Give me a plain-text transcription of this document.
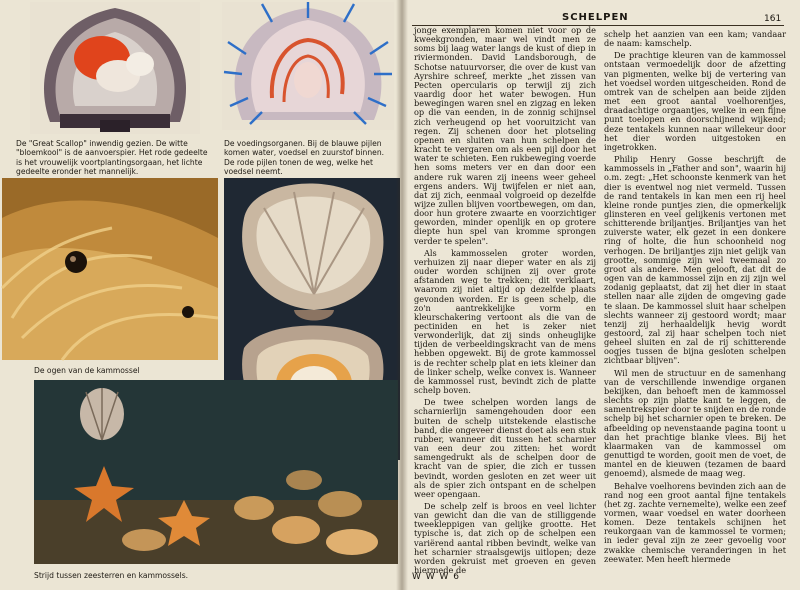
De "Great Scallop" inwendig gezien. De witte "bloemkool" is de aanvoerspier. Het rode gedeelte is het vrouwelijk voortplantingsorgaan, het lichte gedeelte eronder het mannelijk.
De voedingsorganen. Bij de blauwe pijlen komen water, voedsel en zuurstof binnen. De rode pijlen tonen de weg, welke het voedsel neemt.
De ogen van de kammossel
Strijd tussen zeesterren en kammossels.
SCHELPEN	161

jonge exemplaren komen niet voor op de kweekgronden, maar wel vindt men ze soms bij laag water langs de kust of diep in riviermonden. David Landsborough, de Schotse natuurvorser, die over de kust van Ayrshire schreef, merkte „het zissen van Pecten opercularis op terwijl zij zich vaardig door het water bewogen. Hun bewegingen waren snel en zigzag en leken op die van eenden, in de zonnig schijnsel zich verheugend op het vooruitzicht van regen. Zij schenen door het plotseling openen en sluiten van hun schelpen de kracht te vergaren om als een pijl door het water te schieten. Een rukbeweging voerde hen soms meters ver en dan door een andere ruk waren zij ineens weer geheel ergens anders. Wij twijfelen er niet aan, dat zij zich, eenmaal volgroeid op dezelfde wijze zullen blijven voortbewegen, om dan, door hun grotere zwaarte en voorzichtiger geworden, minder openlijk en op grotere diepte hun spel van kromme sprongen verder te spelen".

Als kammosselen groter worden, verhuizen zij naar dieper water en als zij ouder worden schijnen zij over grote afstanden weg te trekken; dit verklaart, waarom zij niet altijd op dezelfde plaats gevonden worden. Er is geen schelp, die zo'n aantrekkelijke vorm en kleurschakering vertoont als die van de pectiniden en het is zeker niet verwonderlijk, dat zij sinds onheuglijke tijden de verbeeldingskracht van de mens hebben opgewekt. Bij de grote kammossel is de rechter schelp plat en iets kleiner dan de linker schelp, welke convex is. Wanneer de kammossel rust, bevindt zich de platte schelp boven.

De twee schelpen worden langs de scharnierlijn samengehouden door een buiten de schelp uitstekende elastische band, die ongeveer dienst doet als een stuk rubber, wanneer dit tussen het scharnier van een deur zou zitten: het wordt samengedrukt als de schelpen door de kracht van de spier, die zich er tussen bevindt, worden gesloten en zet weer uit als de spier zich ontspant en de schelpen weer opengaan.

De schelp zelf is broos en veel lichter van gewicht dan die van de stilliggende tweekleppigen van gelijke grootte. Het typische is, dat zich op de schelpen een variërend aantal ribben bevindt, welke van het scharnier straalsgewijs uitlopen; deze worden gekruist met groeven en geven hiermede de

schelp het aanzien van een kam; vandaar de naam: kamschelp.

De prachtige kleuren van de kammossel ontstaan vermoedelijk door de afzetting van pigmenten, welke bij de vertering van het voedsel worden uitgescheiden. Rond de omtrek van de schelpen aan beide zijden met een groot aantal voelhorentjes, draadachtige orgaantjes, welke in een fijne punt toelopen en doorschijnend wijkend; deze tentakels kunnen naar willekeur door het dier worden uitgestoken en ingetrokken.

Philip Henry Gosse beschrijft de kammossels in „Father and son", waarin hij o.m. zegt: „Het schoonste kenmerk van het dier is eventwel nog niet vermeld. Tussen de rand tentakels in kan men een rij heel kleine ronde puntjes zien, die opmerkelijk glinsteren en veel gelijkenis vertonen met schitterende briljantjes. Briljantjes van het zuiverste water, elk gezet in een donkere ring of holte, die hun schoonheid nog verhogen. De briljantjes zijn niet gelijk van grootte, sommige zijn wel tweemaal zo groot als andere. Men gelooft, dat dit de ogen van de kammossel zijn en zij zijn wel zodanig geplaatst, dat zij het dier in staat stellen naar alle zijden de omgeving gade te slaan. De kammossel sluit haar schelpen slechts wanneer zij gestoord wordt; maar tenzij zij herhaaldelijk hevig wordt gestoord, zal zij haar schelpen toch niet geheel sluiten en zal de rij schitterende oogjes tussen de bijna gesloten schelpen zichtbaar blijven".

Wil men de structuur en de samenhang van de verschillende inwendige organen bekijken, dan behoeft men de kammossel slechts op zijn platte kant te leggen, de samentrekspier door te snijden en de ronde schelp bij het scharnier open te breken. De afbeelding op nevenstaande pagina toont u dan het prachtige blanke vlees. Bij het klaarmaken van de kammossel om genuttigd te worden, gooit men de voet, de mantel en de kieuwen (tezamen de baard genoemd), alsmede de maag weg.

Behalve voelhorens bevinden zich aan de rand nog een groot aantal fijne tentakels (het zg. zachte vernemelte), welke een zeef vormen, waar voedsel en water doorheen komen. Deze tentakels schijnen het reukorgaan van de kammossel te vormen; in ieder geval zijn ze zeer gevoelig voor zwakke chemische veranderingen in het zeewater. Men heeft hiermede

W W W 6
